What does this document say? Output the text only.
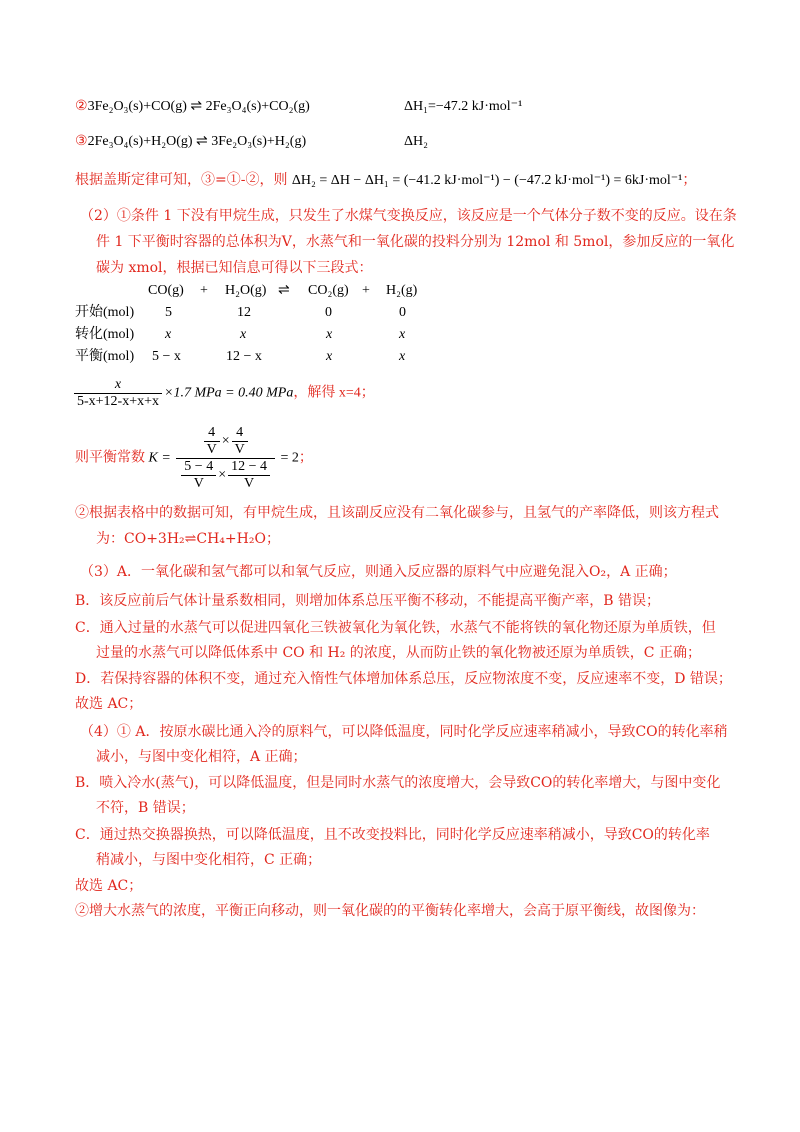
②3Fe₂O₃(s)+CO(g) ⇌ 2Fe₃O₄(s)+CO₂(g)	ΔH₁=−47.2 kJ·mol⁻¹
③2Fe₃O₄(s)+H₂O(g) ⇌ 3Fe₂O₃(s)+H₂(g)	ΔH₂
根据盖斯定律可知，③=①-②，则 ΔH₂ = ΔH − ΔH₁ = (−41.2 kJ·mol⁻¹) − (−47.2 kJ·mol⁻¹) = 6kJ·mol⁻¹；
（2）①条件 1 下没有甲烷生成，只发生了水煤气变换反应，该反应是一个气体分子数不变的反应。设在条
件 1 下平衡时容器的总体积为V，水蒸气和一氧化碳的投料分别为 12mol 和 5mol，参加反应的一氧化
碳为 xmol，根据已知信息可得以下三段式：
CO(g) + H₂O(g) ⇌ CO₂(g) + H₂(g)
开始(mol) 5	12	0	0
转化(mol) x	x	x	x
平衡(mol) 5 − x	12 − x	x	x
$\frac{x}{5-x+12-x+x+x} \times 1.7$ MPa = 0.40 MPa，解得 x=4；
则平衡常数 $K = \frac{\frac{4}{V} \times \frac{4}{V}}{\frac{5 - 4}{V} \times \frac{12 - 4}{V}} = 2$；
②根据表格中的数据可知，有甲烷生成，且该副反应没有二氧化碳参与，且氢气的产率降低，则该方程式
为：CO+3H₂⇌CH₄+H₂O；
（3）A．一氧化碳和氢气都可以和氧气反应，则通入反应器的原料气中应避免混入O₂，A 正确；
B．该反应前后气体计量系数相同，则增加体系总压平衡不移动，不能提高平衡产率，B 错误；
C．通入过量的水蒸气可以促进四氧化三铁被氧化为氧化铁，水蒸气不能将铁的氧化物还原为单质铁，但
过量的水蒸气可以降低体系中 CO 和 H₂ 的浓度，从而防止铁的氧化物被还原为单质铁，C 正确；
D．若保持容器的体积不变，通过充入惰性气体增加体系总压，反应物浓度不变，反应速率不变，D 错误；
故选 AC；
（4）① A．按原水碳比通入冷的原料气，可以降低温度，同时化学反应速率稍减小，导致CO的转化率稍
减小，与图中变化相符，A 正确；
B．喷入冷水(蒸气)，可以降低温度，但是同时水蒸气的浓度增大，会导致CO的转化率增大，与图中变化
不符，B 错误；
C．通过热交换器换热，可以降低温度，且不改变投料比，同时化学反应速率稍减小，导致CO的转化率
稍减小，与图中变化相符，C 正确；
故选 AC；
②增大水蒸气的浓度，平衡正向移动，则一氧化碳的的平衡转化率增大，会高于原平衡线，故图像为：
